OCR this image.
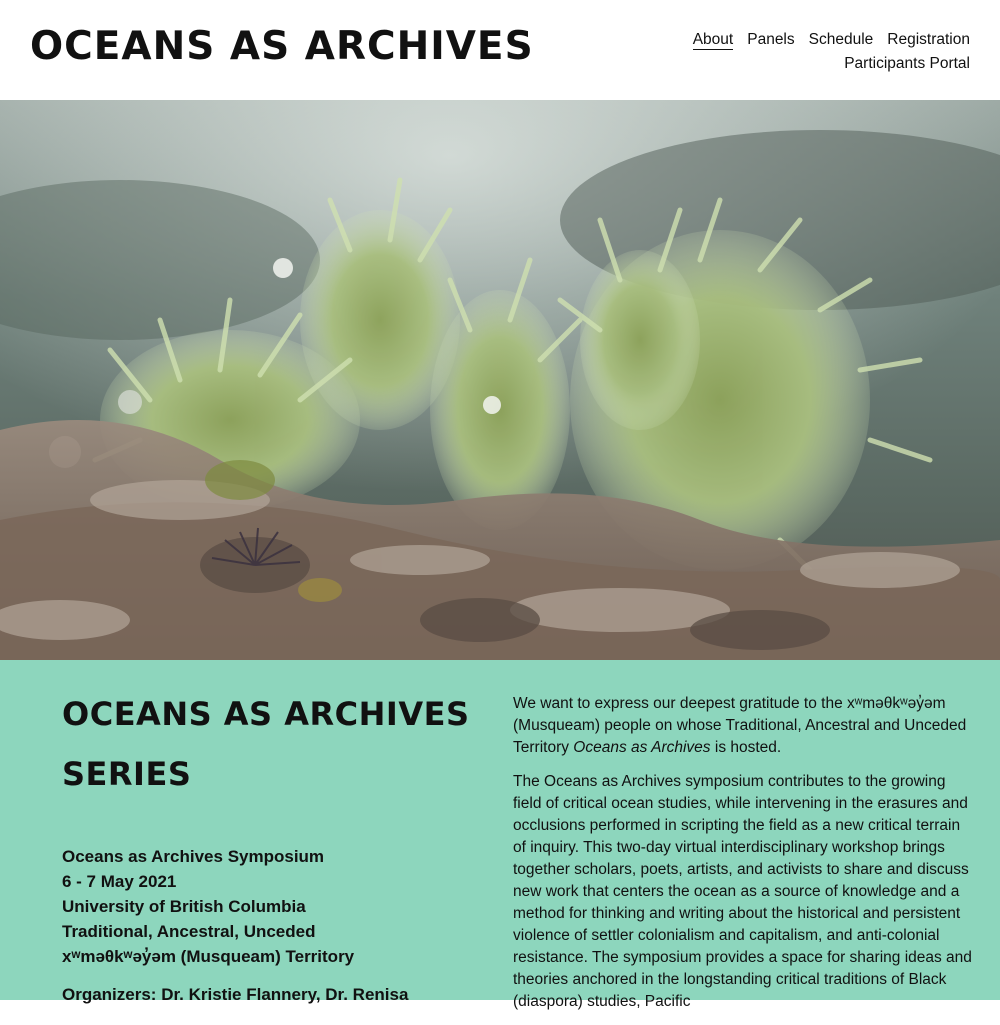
OCEANS AS ARCHIVES	About Panels Schedule Registration
Participants Portal
OCEANS AS ARCHIVES SERIES
Oceans as Archives Symposium
6 - 7 May 2021
University of British Columbia
Traditional, Ancestral, Unceded
xʷməθkʷəy̓əm (Musqueam) Territory
Organizers: Dr. Kristie Flannery, Dr. Renisa

We want to express our deepest gratitude to the xʷməθkʷəy̓əm (Musqueam) people on whose Traditional, Ancestral and Unceded Territory Oceans as Archives is hosted.

The Oceans as Archives symposium contributes to the growing field of critical ocean studies, while intervening in the erasures and occlusions performed in scripting the field as a new critical terrain of inquiry. This two-day virtual interdisciplinary workshop brings together scholars, poets, artists, and activists to share and discuss new work that centers the ocean as a source of knowledge and a method for thinking and writing about the historical and persistent violence of settler colonialism and capitalism, and anti-colonial resistance. The symposium provides a space for sharing ideas and theories anchored in the longstanding critical traditions of Black (diaspora) studies, Pacific
